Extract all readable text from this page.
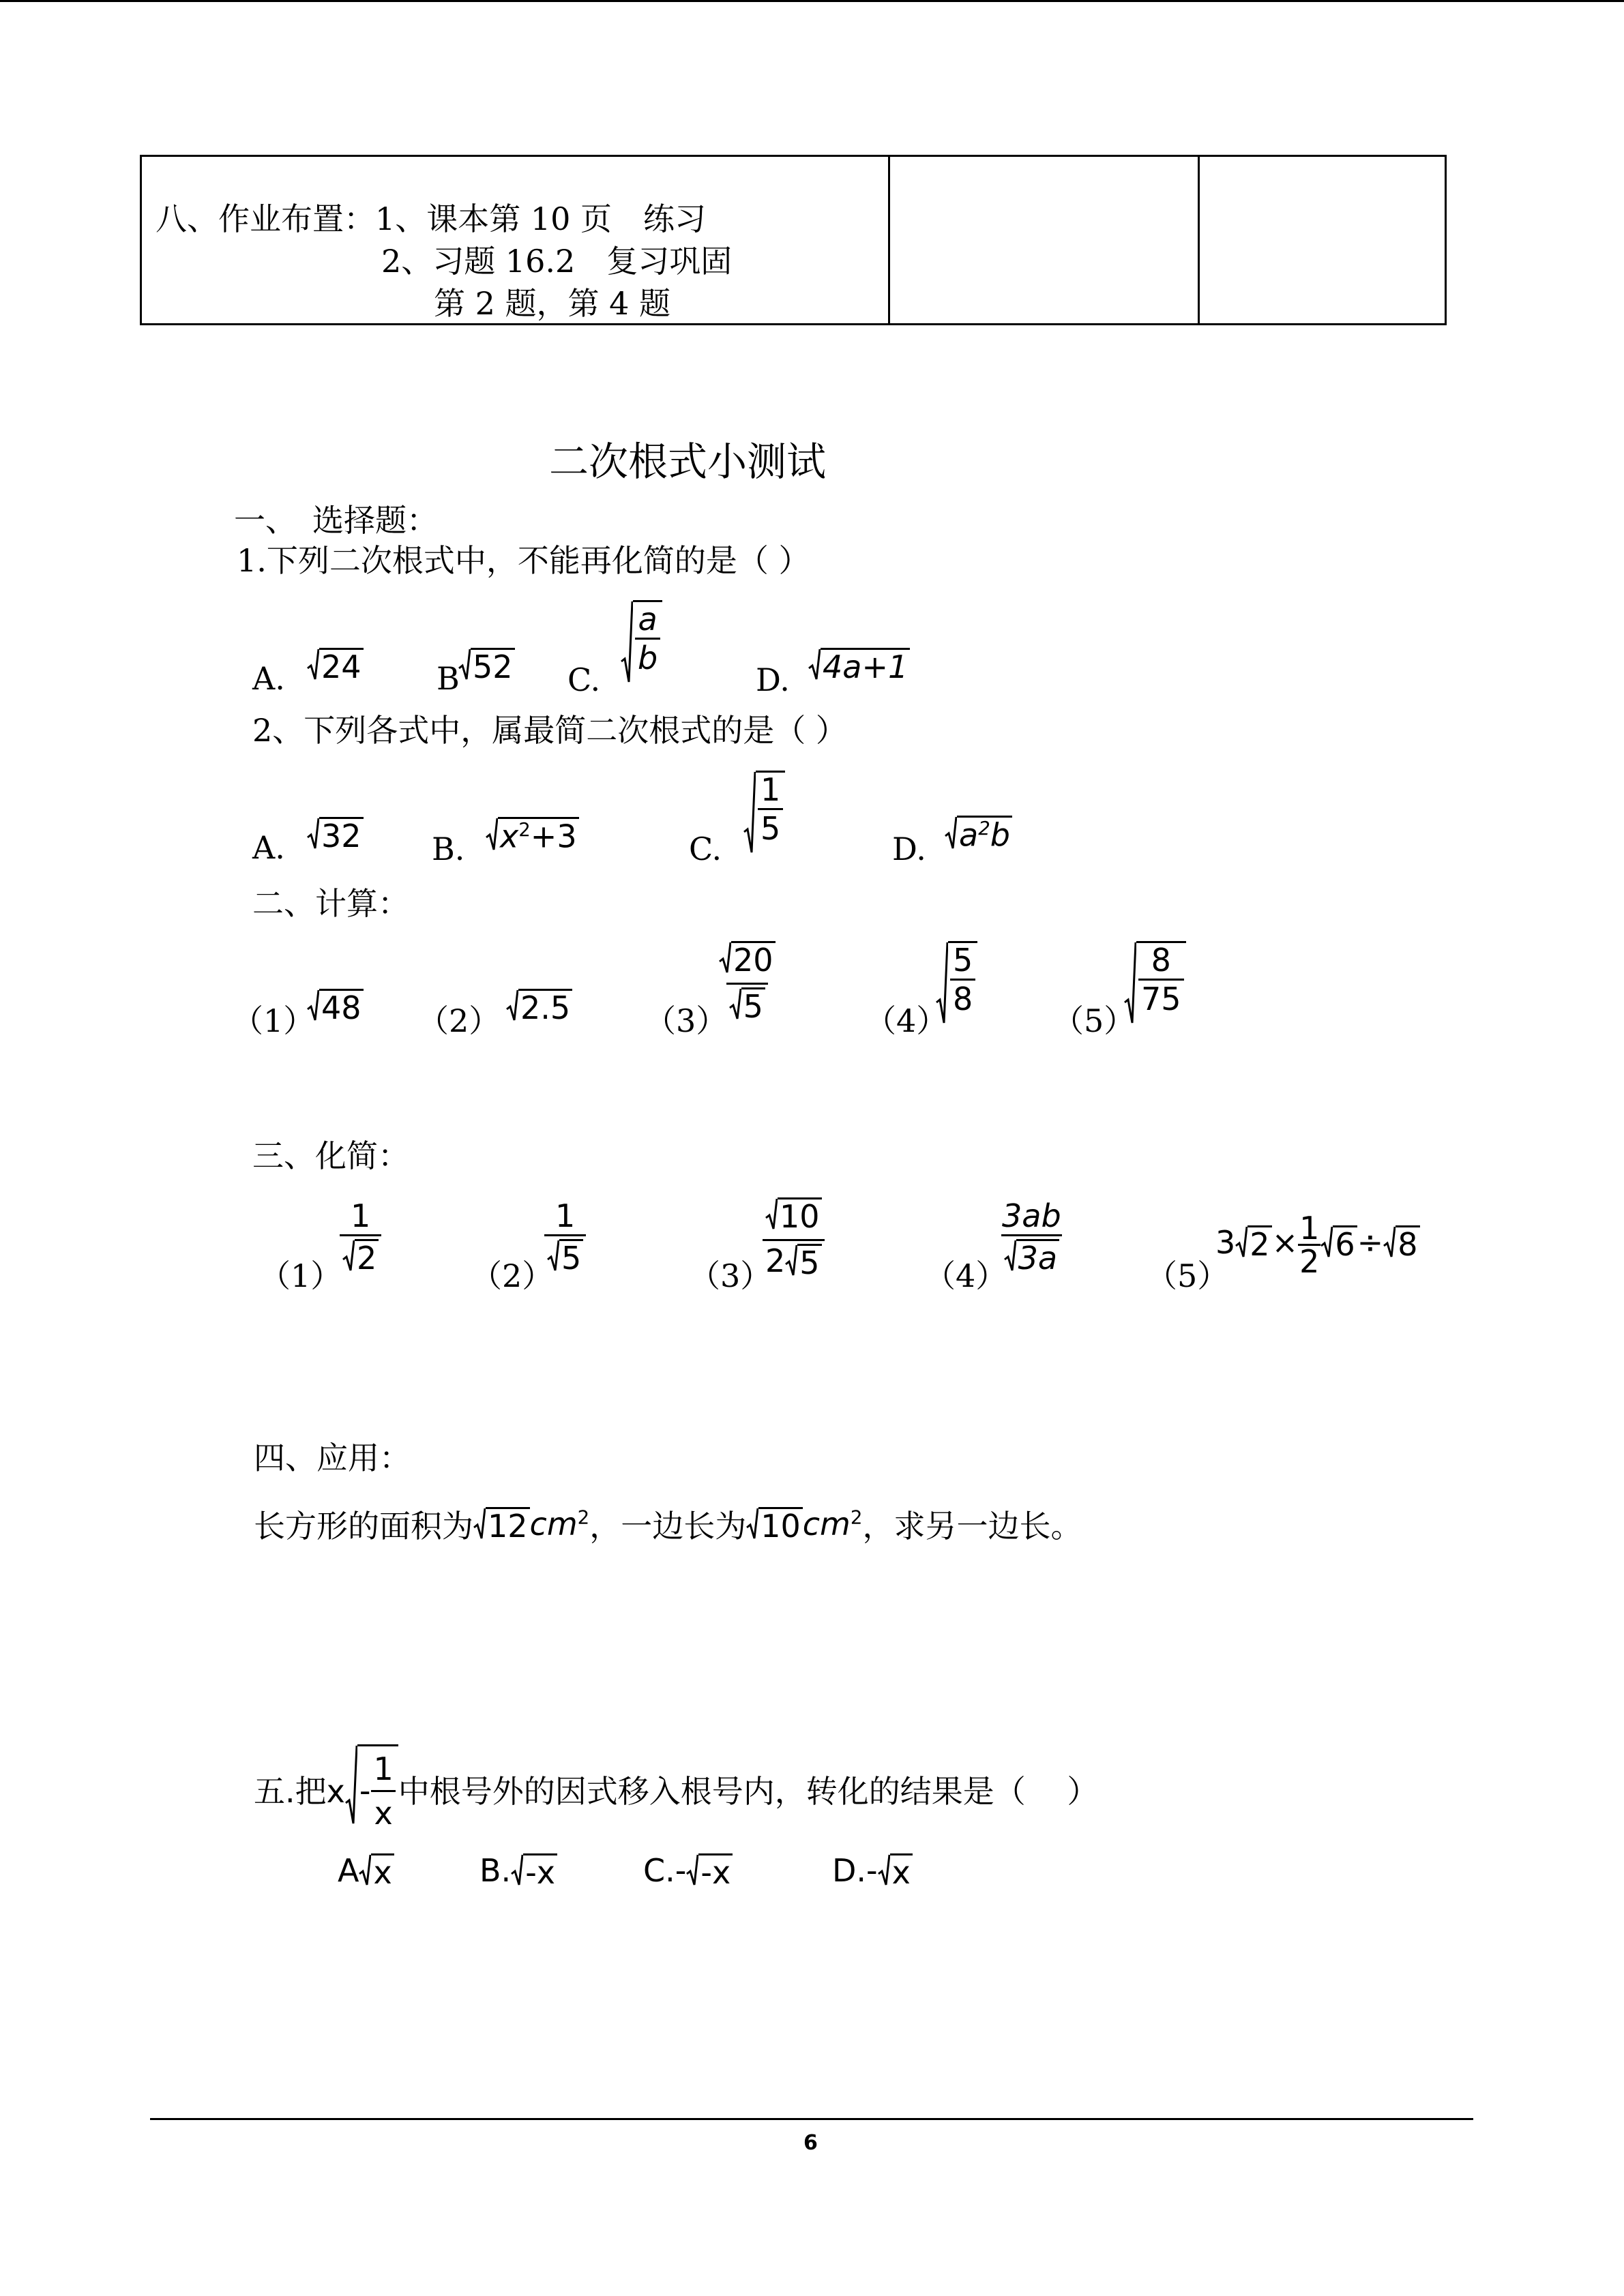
八、作业布置：1、课本第 10 页　练习
2、习题 16.2　复习巩固
第 2 题，第 4 题

二次根式小测试
一、　选择题：
1.下列二次根式中，不能再化简的是（ ）
A. 24 B 52 C.
$\frac{a}{b}$
D. 4a+1
2、下列各式中，属最简二次根式的是（ ）
A. 32 B. $x^2+3$	C.
$\frac{1}{5}$
D. $a^2b$
二、计算：
（1） 48 （2） 2.5 （3）
$\frac{20}{5}$	（4）
$\frac{5}{8}$
（5）
$\frac{8}{75}$
三、化简：
（1）
$\frac{1}{2}$	（2）
$\frac{1}{5}$	（3）
$\frac{10}{2 5}$	（4）
$\frac{3ab}{3a}$	（5）
3 $2 \times \frac{1}{2} 6 \div 8$
四、应用：
长方形的面积为 12 $cm^2$ ，一边长为 10 $cm^2$ ，求另一边长。
五.把x - $\frac{1}{x}$ 中根号外的因式移入根号内，转化的结果是（　 ）
A x	B. -x	C.- -x	D.- x
6
